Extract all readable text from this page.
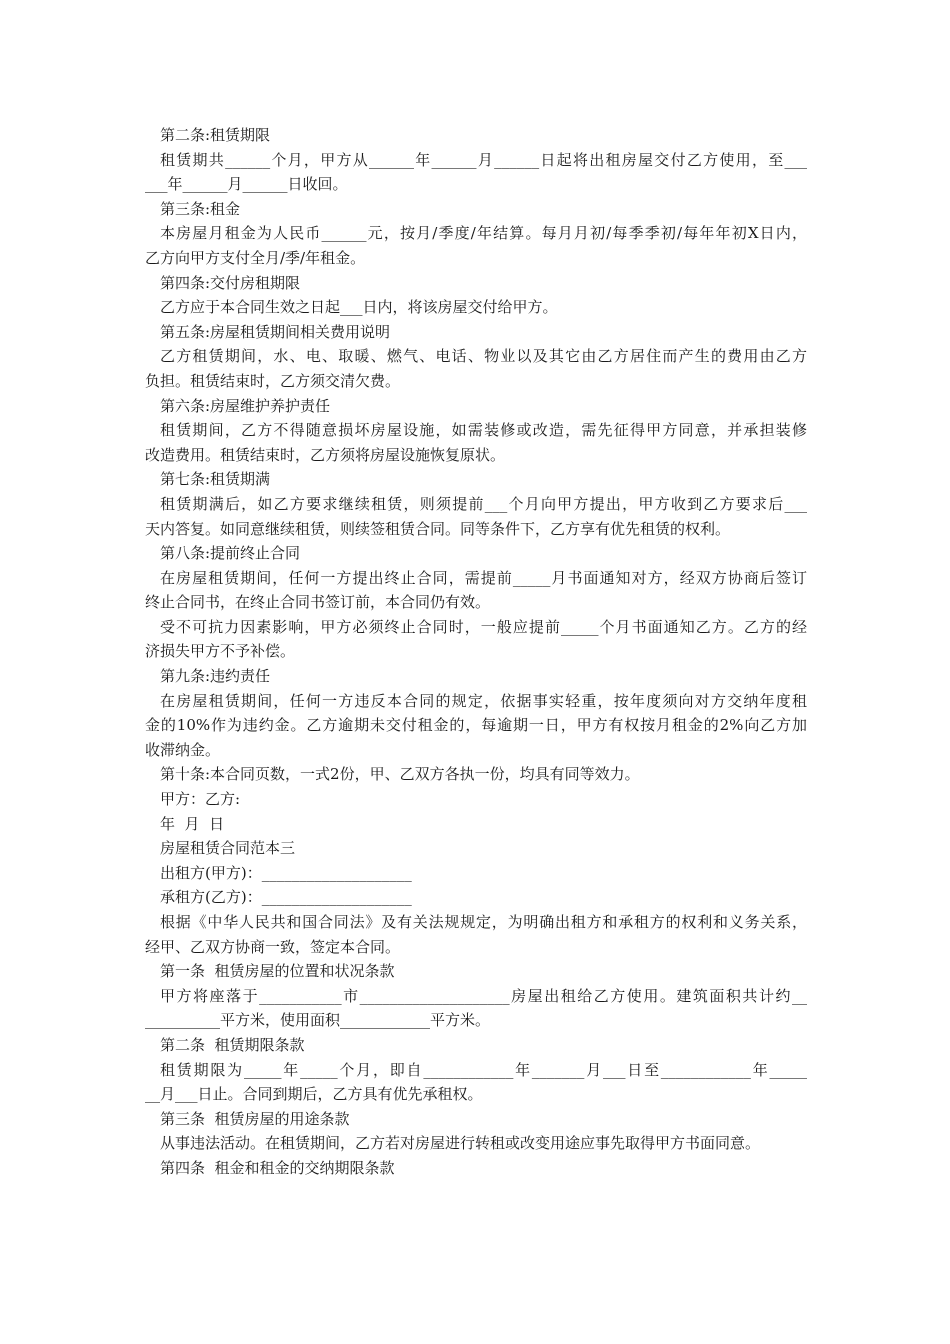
第二条:租赁期限
租赁期共______个月，甲方从______年______月______日起将出租房屋交付乙方使用，至___
___年______月______日收回。
第三条:租金
本房屋月租金为人民币______元，按月/季度/年结算。每月月初/每季季初/每年年初X日内，
乙方向甲方支付全月/季/年租金。
第四条:交付房租期限
乙方应于本合同生效之日起___日内，将该房屋交付给甲方。
第五条:房屋租赁期间相关费用说明
乙方租赁期间，水、电、取暖、燃气、电话、物业以及其它由乙方居住而产生的费用由乙方
负担。租赁结束时，乙方须交清欠费。
第六条:房屋维护养护责任
租赁期间，乙方不得随意损坏房屋设施，如需装修或改造，需先征得甲方同意，并承担装修
改造费用。租赁结束时，乙方须将房屋设施恢复原状。
第七条:租赁期满
租赁期满后，如乙方要求继续租赁，则须提前___个月向甲方提出，甲方收到乙方要求后___
天内答复。如同意继续租赁，则续签租赁合同。同等条件下，乙方享有优先租赁的权利。
第八条:提前终止合同
在房屋租赁期间，任何一方提出终止合同，需提前_____月书面通知对方，经双方协商后签订
终止合同书，在终止合同书签订前，本合同仍有效。
受不可抗力因素影响，甲方必须终止合同时，一般应提前_____个月书面通知乙方。乙方的经
济损失甲方不予补偿。
第九条:违约责任
在房屋租赁期间，任何一方违反本合同的规定，依据事实轻重，按年度须向对方交纳年度租
金的10%作为违约金。乙方逾期未交付租金的，每逾期一日，甲方有权按月租金的2%向乙方加
收滞纳金。
第十条:本合同页数，一式2份，甲、乙双方各执一份，均具有同等效力。
甲方：乙方:
年  月  日
房屋租赁合同范本三
出租方(甲方)：____________________
承租方(乙方)：____________________
根据《中华人民共和国合同法》及有关法规规定，为明确出租方和承租方的权利和义务关系，
经甲、乙双方协商一致，签定本合同。
第一条  租赁房屋的位置和状况条款
甲方将座落于___________市____________________房屋出租给乙方使用。建筑面积共计约__
__________平方米，使用面积____________平方米。
第二条  租赁期限条款
租赁期限为_____年_____个月，即自____________年_______月___日至____________年_____
__月___日止。合同到期后，乙方具有优先承租权。
第三条  租赁房屋的用途条款
从事违法活动。在租赁期间，乙方若对房屋进行转租或改变用途应事先取得甲方书面同意。
第四条  租金和租金的交纳期限条款
